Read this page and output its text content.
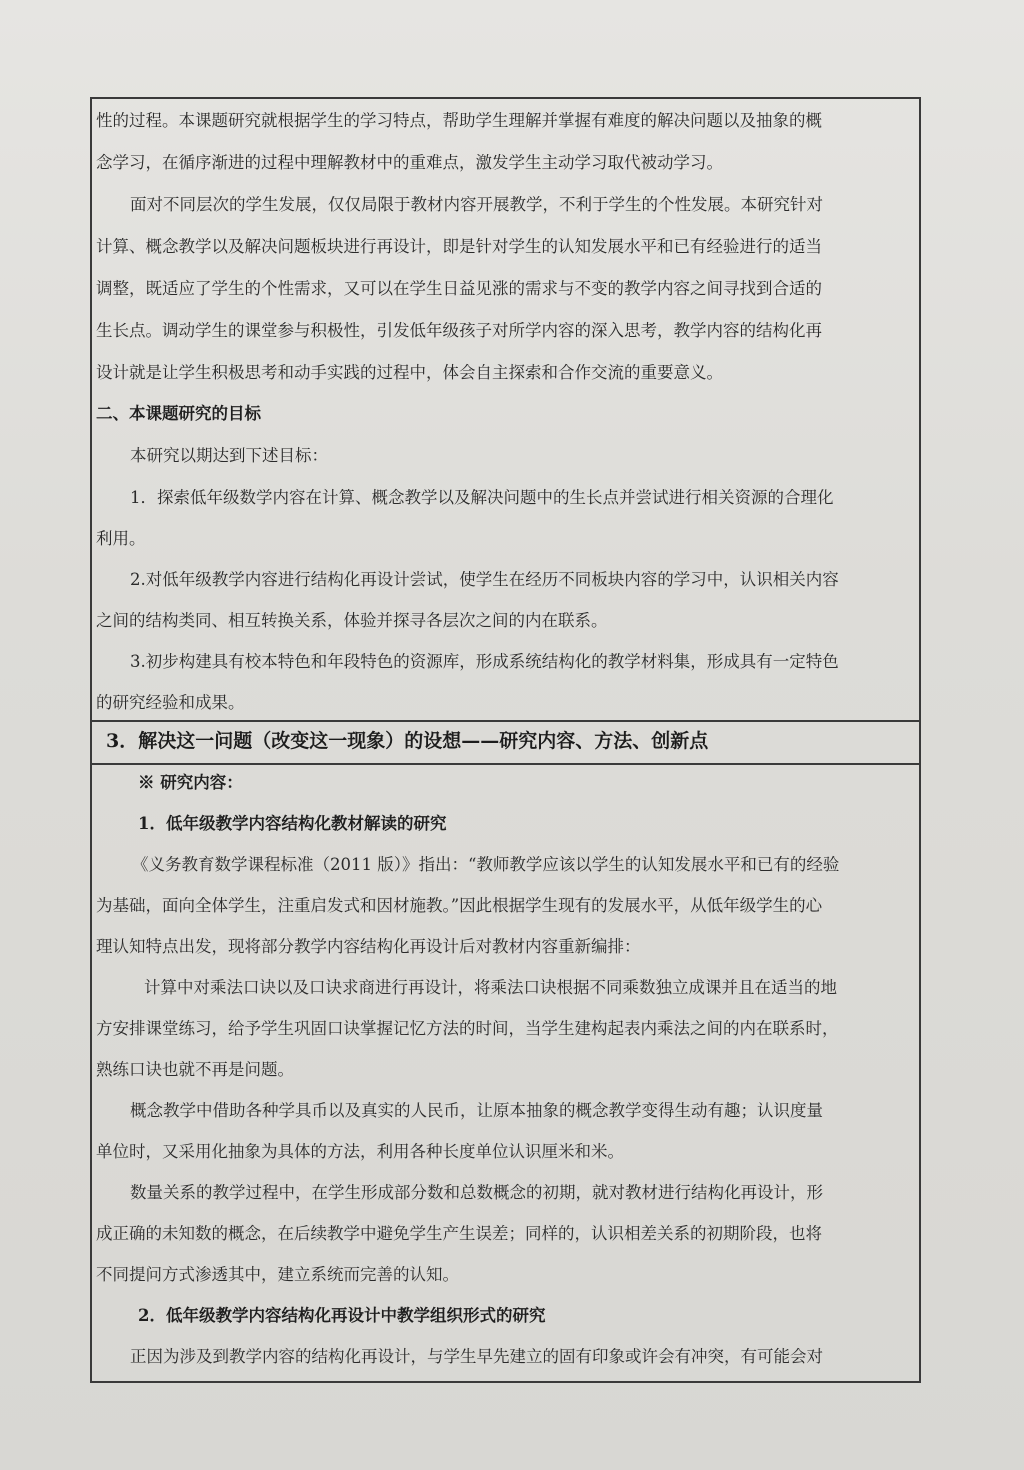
性的过程。本课题研究就根据学生的学习特点，帮助学生理解并掌握有难度的解决问题以及抽象的概
念学习，在循序渐进的过程中理解教材中的重难点，激发学生主动学习取代被动学习。
面对不同层次的学生发展，仅仅局限于教材内容开展教学，不利于学生的个性发展。本研究针对
计算、概念教学以及解决问题板块进行再设计，即是针对学生的认知发展水平和已有经验进行的适当
调整，既适应了学生的个性需求，又可以在学生日益见涨的需求与不变的教学内容之间寻找到合适的
生长点。调动学生的课堂参与积极性，引发低年级孩子对所学内容的深入思考，教学内容的结构化再
设计就是让学生积极思考和动手实践的过程中，体会自主探索和合作交流的重要意义。
二、本课题研究的目标
本研究以期达到下述目标：
1．探索低年级数学内容在计算、概念教学以及解决问题中的生长点并尝试进行相关资源的合理化
利用。
2.对低年级教学内容进行结构化再设计尝试，使学生在经历不同板块内容的学习中，认识相关内容
之间的结构类同、相互转换关系，体验并探寻各层次之间的内在联系。
3.初步构建具有校本特色和年段特色的资源库，形成系统结构化的教学材料集，形成具有一定特色
的研究经验和成果。
3．解决这一问题（改变这一现象）的设想——研究内容、方法、创新点
※ 研究内容：
1．低年级教学内容结构化教材解读的研究
《义务教育数学课程标准（2011 版）》指出：“教师教学应该以学生的认知发展水平和已有的经验
为基础，面向全体学生，注重启发式和因材施教。”因此根据学生现有的发展水平，从低年级学生的心
理认知特点出发，现将部分教学内容结构化再设计后对教材内容重新编排：
计算中对乘法口诀以及口诀求商进行再设计，将乘法口诀根据不同乘数独立成课并且在适当的地
方安排课堂练习，给予学生巩固口诀掌握记忆方法的时间，当学生建构起表内乘法之间的内在联系时，
熟练口诀也就不再是问题。
概念教学中借助各种学具币以及真实的人民币，让原本抽象的概念教学变得生动有趣；认识度量
单位时，又采用化抽象为具体的方法，利用各种长度单位认识厘米和米。
数量关系的教学过程中，在学生形成部分数和总数概念的初期，就对教材进行结构化再设计，形
成正确的未知数的概念，在后续教学中避免学生产生误差；同样的，认识相差关系的初期阶段，也将
不同提问方式渗透其中，建立系统而完善的认知。
2．低年级教学内容结构化再设计中教学组织形式的研究
正因为涉及到教学内容的结构化再设计，与学生早先建立的固有印象或许会有冲突，有可能会对
